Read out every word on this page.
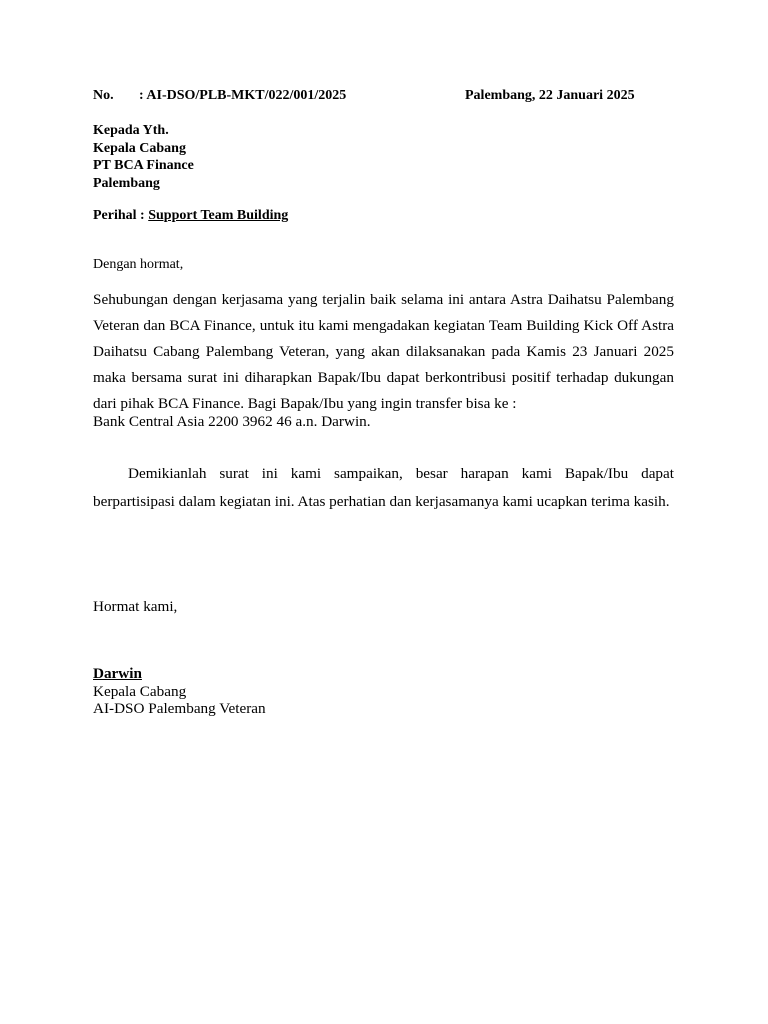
No. : AI-DSO/PLB-MKT/022/001/2025	Palembang, 22 Januari 2025
Kepada Yth.
Kepala Cabang
PT BCA Finance
Palembang
Perihal : Support Team Building
Dengan hormat,
Sehubungan dengan kerjasama yang terjalin baik selama ini antara Astra Daihatsu Palembang Veteran dan BCA Finance, untuk itu kami mengadakan kegiatan Team Building Kick Off Astra Daihatsu Cabang Palembang Veteran, yang akan dilaksanakan pada Kamis 23 Januari 2025 maka bersama surat ini diharapkan Bapak/Ibu dapat berkontribusi positif terhadap dukungan dari pihak BCA Finance. Bagi Bapak/Ibu yang ingin transfer bisa ke :
Bank Central Asia 2200 3962 46 a.n. Darwin.
Demikianlah surat ini kami sampaikan, besar harapan kami Bapak/Ibu dapat berpartisipasi dalam kegiatan ini. Atas perhatian dan kerjasamanya kami ucapkan terima kasih.
Hormat kami,
Darwin
Kepala Cabang
AI-DSO Palembang Veteran
